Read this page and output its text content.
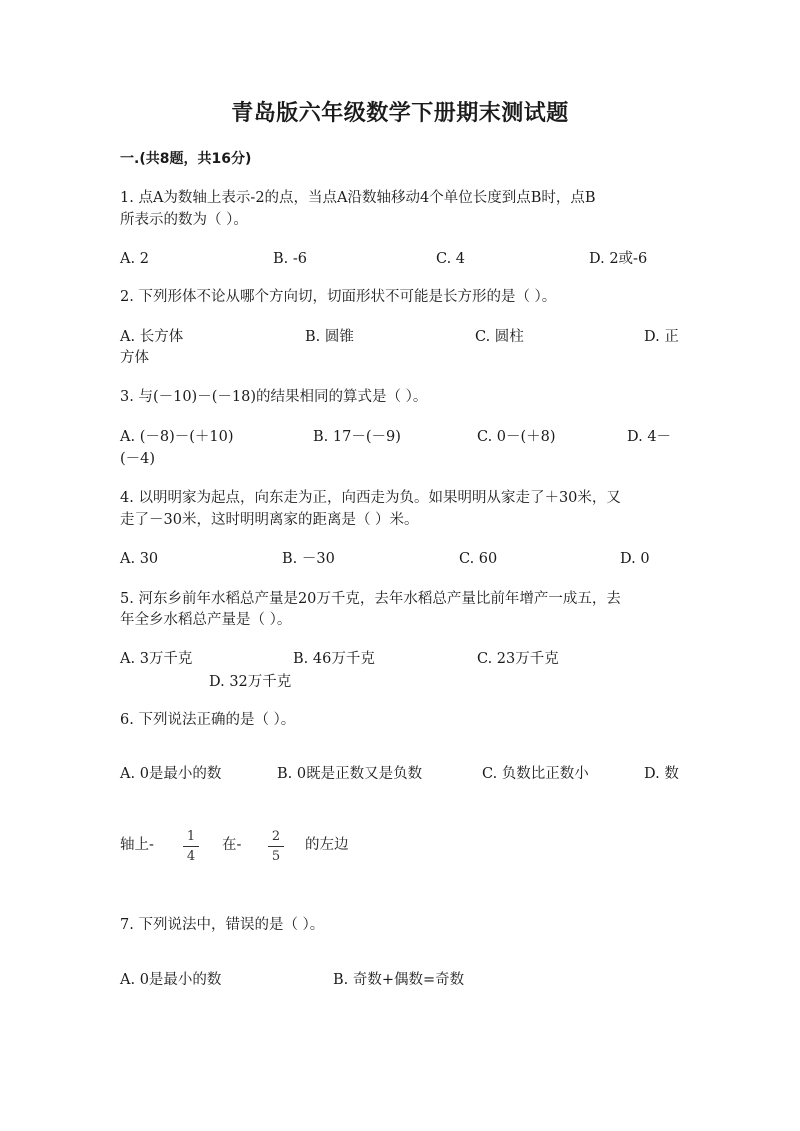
青岛版六年级数学下册期末测试题
一.(共8题，共16分)
1. 点A为数轴上表示-2的点，当点A沿数轴移动4个单位长度到点B时，点B
所表示的数为（ ）。
A. 2	B. -6	C. 4	D. 2或-6
2. 下列形体不论从哪个方向切，切面形状不可能是长方形的是（ ）。
A. 长方体	B. 圆锥	C. 圆柱	D. 正
方体
3. 与(－10)－(－18)的结果相同的算式是（ ）。
A. (－8)－(＋10)	B. 17－(－9)	C. 0－(＋8)	D. 4－
(－4)
4. 以明明家为起点，向东走为正，向西走为负。如果明明从家走了＋30米，又
走了－30米，这时明明离家的距离是（ ）米。
A. 30	B. －30	C. 60	D. 0
5. 河东乡前年水稻总产量是20万千克，去年水稻总产量比前年增产一成五，去
年全乡水稻总产量是（ ）。
A. 3万千克	B. 46万千克	C. 23万千克
D. 32万千克
6. 下列说法正确的是（ ）。
A. 0是最小的数	B. 0既是正数又是负数	C. 负数比正数小	D. 数
轴上-
1
4
在-
2
5
的左边
7. 下列说法中，错误的是（ ）。
A. 0是最小的数	B. 奇数+偶数=奇数
